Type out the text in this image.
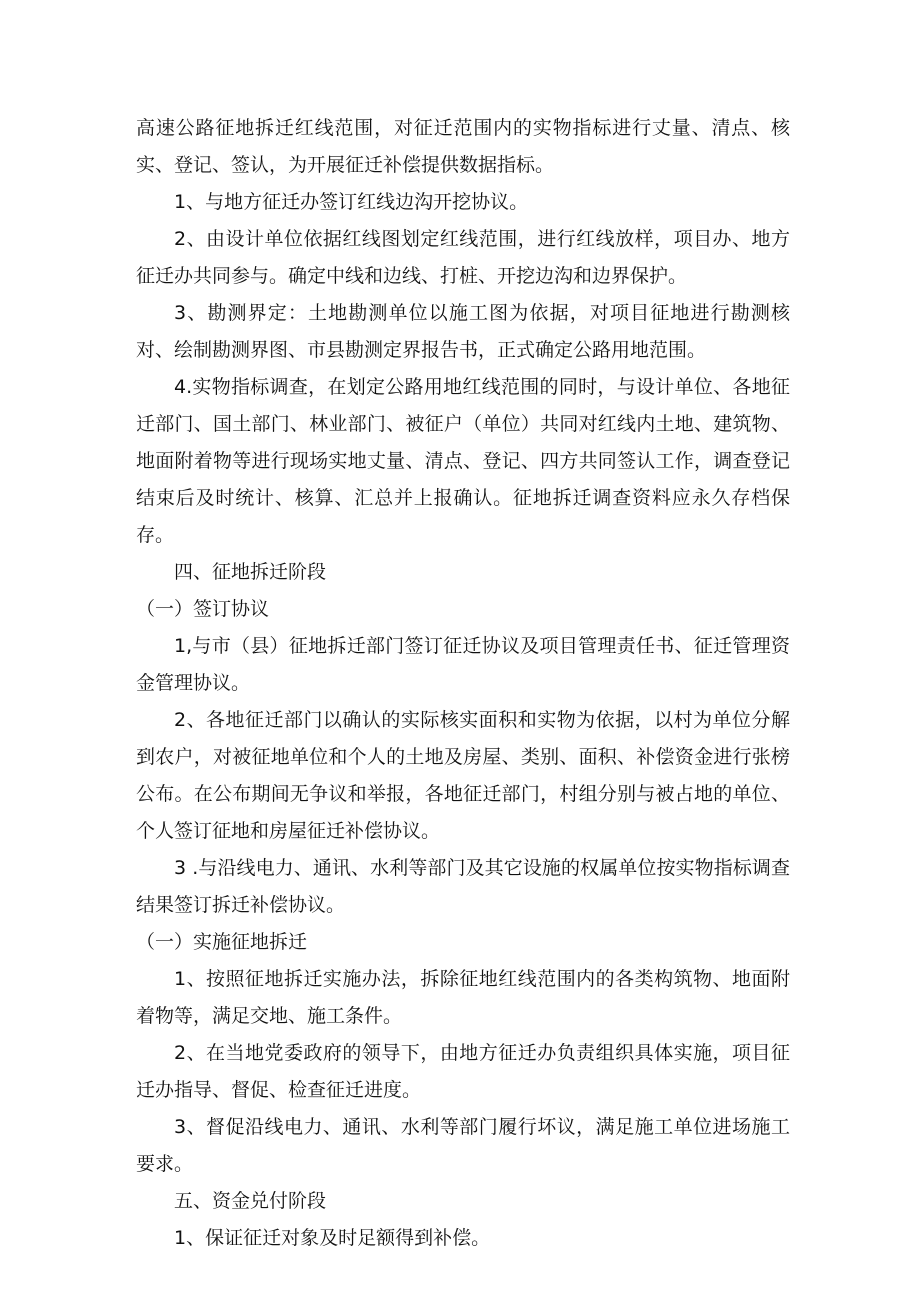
高速公路征地拆迁红线范围，对征迁范围内的实物指标进行丈量、清点、核实、登记、签认，为开展征迁补偿提供数据指标。

1、与地方征迁办签订红线边沟开挖协议。

2、由设计单位依据红线图划定红线范围，进行红线放样，项目办、地方征迁办共同参与。确定中线和边线、打桩、开挖边沟和边界保护。

3、勘测界定：土地勘测单位以施工图为依据，对项目征地进行勘测核对、绘制勘测界图、市县勘测定界报告书，正式确定公路用地范围。

4.实物指标调查，在划定公路用地红线范围的同时，与设计单位、各地征迁部门、国土部门、林业部门、被征户（单位）共同对红线内土地、建筑物、地面附着物等进行现场实地丈量、清点、登记、四方共同签认工作，调查登记结束后及时统计、核算、汇总并上报确认。征地拆迁调查资料应永久存档保存。

四、征地拆迁阶段

（一）签订协议

1,与市（县）征地拆迁部门签订征迁协议及项目管理责任书、征迁管理资金管理协议。

2、各地征迁部门以确认的实际核实面积和实物为依据，以村为单位分解到农户，对被征地单位和个人的土地及房屋、类别、面积、补偿资金进行张榜公布。在公布期间无争议和举报，各地征迁部门，村组分别与被占地的单位、个人签订征地和房屋征迁补偿协议。

3 .与沿线电力、通讯、水利等部门及其它设施的权属单位按实物指标调查结果签订拆迁补偿协议。

（一）实施征地拆迁

1、按照征地拆迁实施办法，拆除征地红线范围内的各类构筑物、地面附着物等，满足交地、施工条件。

2、在当地党委政府的领导下，由地方征迁办负责组织具体实施，项目征迁办指导、督促、检查征迁进度。

3、督促沿线电力、通讯、水利等部门履行坏议，满足施工单位进场施工要求。

五、资金兑付阶段

1、保证征迁对象及时足额得到补偿。
